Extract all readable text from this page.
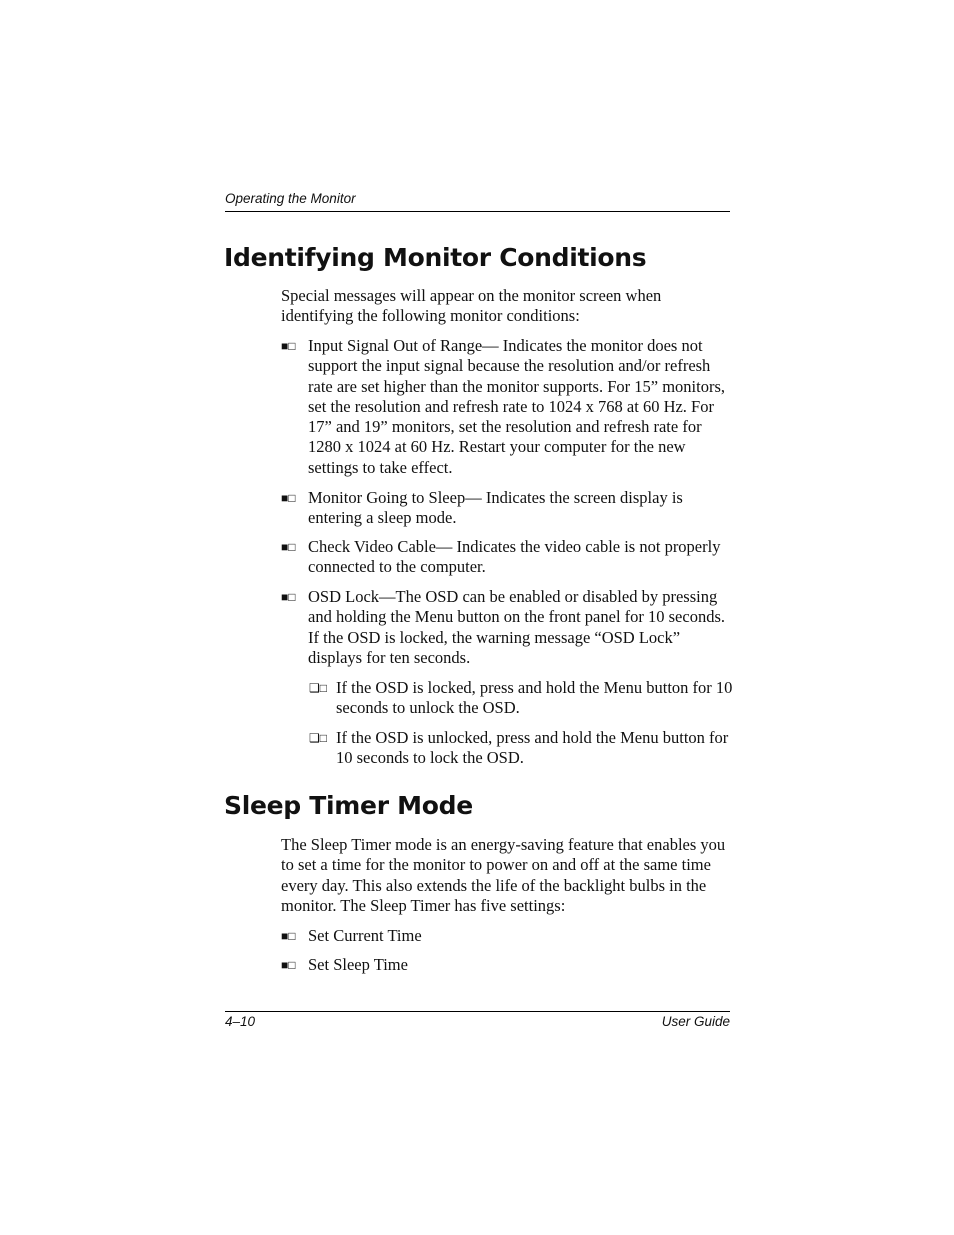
Operating the Monitor
Identifying Monitor Conditions
Special messages will appear on the monitor screen when identifying the following monitor conditions:
■□ Input Signal Out of Range— Indicates the monitor does not support the input signal because the resolution and/or refresh rate are set higher than the monitor supports. For 15” monitors, set the resolution and refresh rate to 1024 x 768 at 60 Hz. For 17” and 19” monitors, set the resolution and refresh rate for 1280 x 1024 at 60 Hz. Restart your computer for the new settings to take effect.
■□ Monitor Going to Sleep— Indicates the screen display is entering a sleep mode.
■□ Check Video Cable— Indicates the video cable is not properly connected to the computer.
■□ OSD Lock—The OSD can be enabled or disabled by pressing and holding the Menu button on the front panel for 10 seconds. If the OSD is locked, the warning message “OSD Lock” displays for ten seconds.
❑□ If the OSD is locked, press and hold the Menu button for 10 seconds to unlock the OSD.
❑□ If the OSD is unlocked, press and hold the Menu button for 10 seconds to lock the OSD.
Sleep Timer Mode
The Sleep Timer mode is an energy-saving feature that enables you to set a time for the monitor to power on and off at the same time every day. This also extends the life of the backlight bulbs in the monitor. The Sleep Timer has five settings:
■□ Set Current Time
■□ Set Sleep Time
4–10	User Guide
